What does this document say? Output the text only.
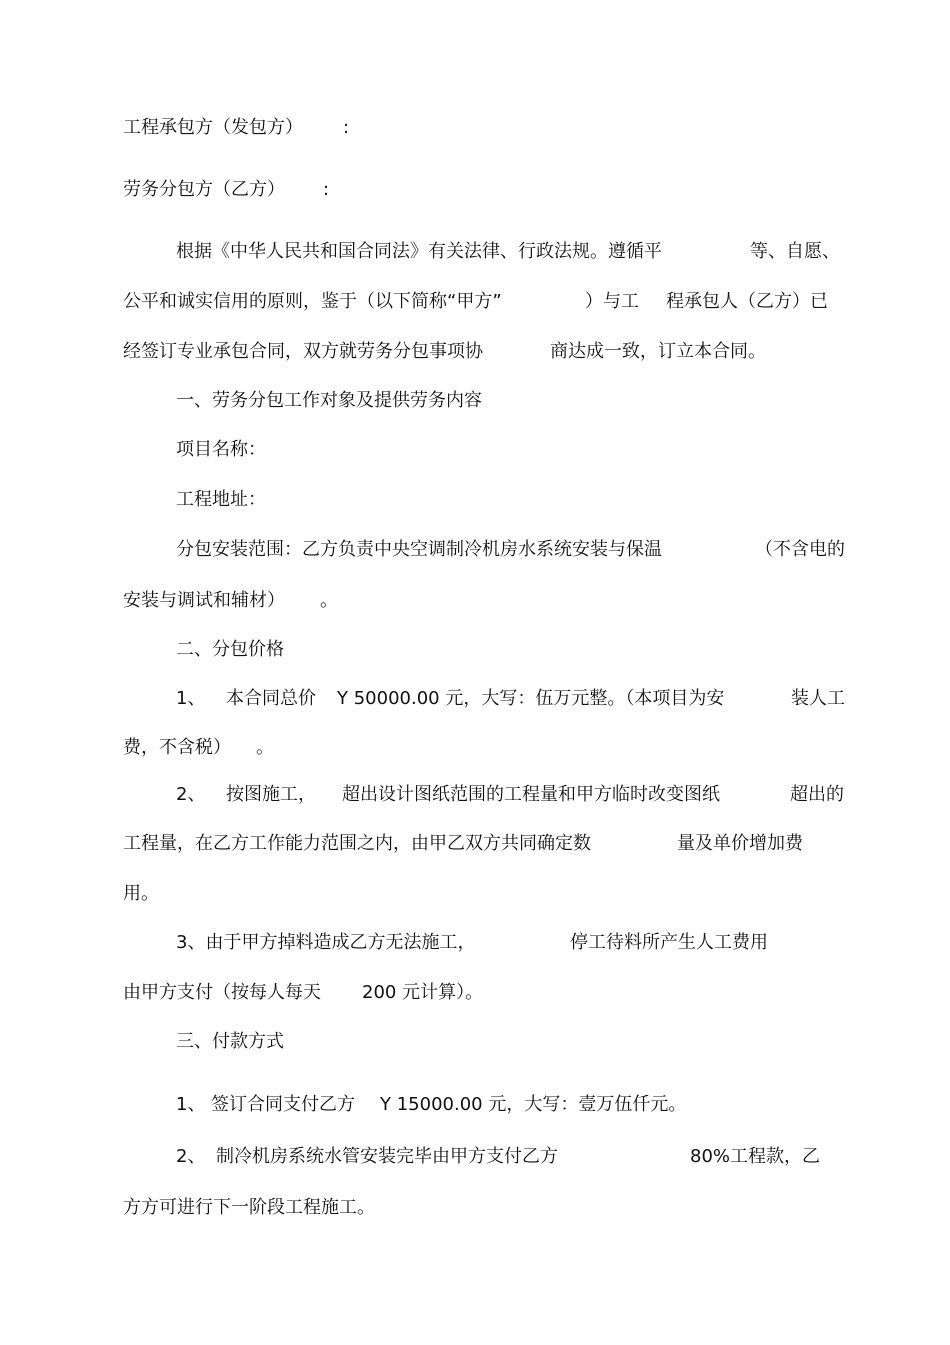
工程承包方（发包方） :
劳务分包方（乙方） :
根据《中华人民共和国合同法》有关法律、行政法规。遵循平	等、自愿、
公平和诚实信用的原则，鉴于（以下简称“甲方”	）与工 程承包人（乙方）已
经签订专业承包合同，双方就劳务分包事项协	商达成一致，订立本合同。
一、劳务分包工作对象及提供劳务内容
项目名称：
工程地址：
分包安装范围：乙方负责中央空调制冷机房水系统安装与保温	（不含电的
安装与调试和辅材） 。
二、分包价格
1、 本合同总价 Y 50000.00 元，大写：伍万元整。（本项目为安	装人工
费，不含税） 。
2、 按图施工， 超出设计图纸范围的工程量和甲方临时改变图纸	超出的
工程量，在乙方工作能力范围之内，由甲乙双方共同确定数	量及单价增加费
用。
3、由于甲方掉料造成乙方无法施工，	停工待料所产生人工费用
由甲方支付（按每人每天 200 元计算）。
三、付款方式
1、 签订合同支付乙方 Y 15000.00 元，大写：壹万伍仟元。
2、 制冷机房系统水管安装完毕由甲方支付乙方	80%工程款，乙
方方可进行下一阶段工程施工。
